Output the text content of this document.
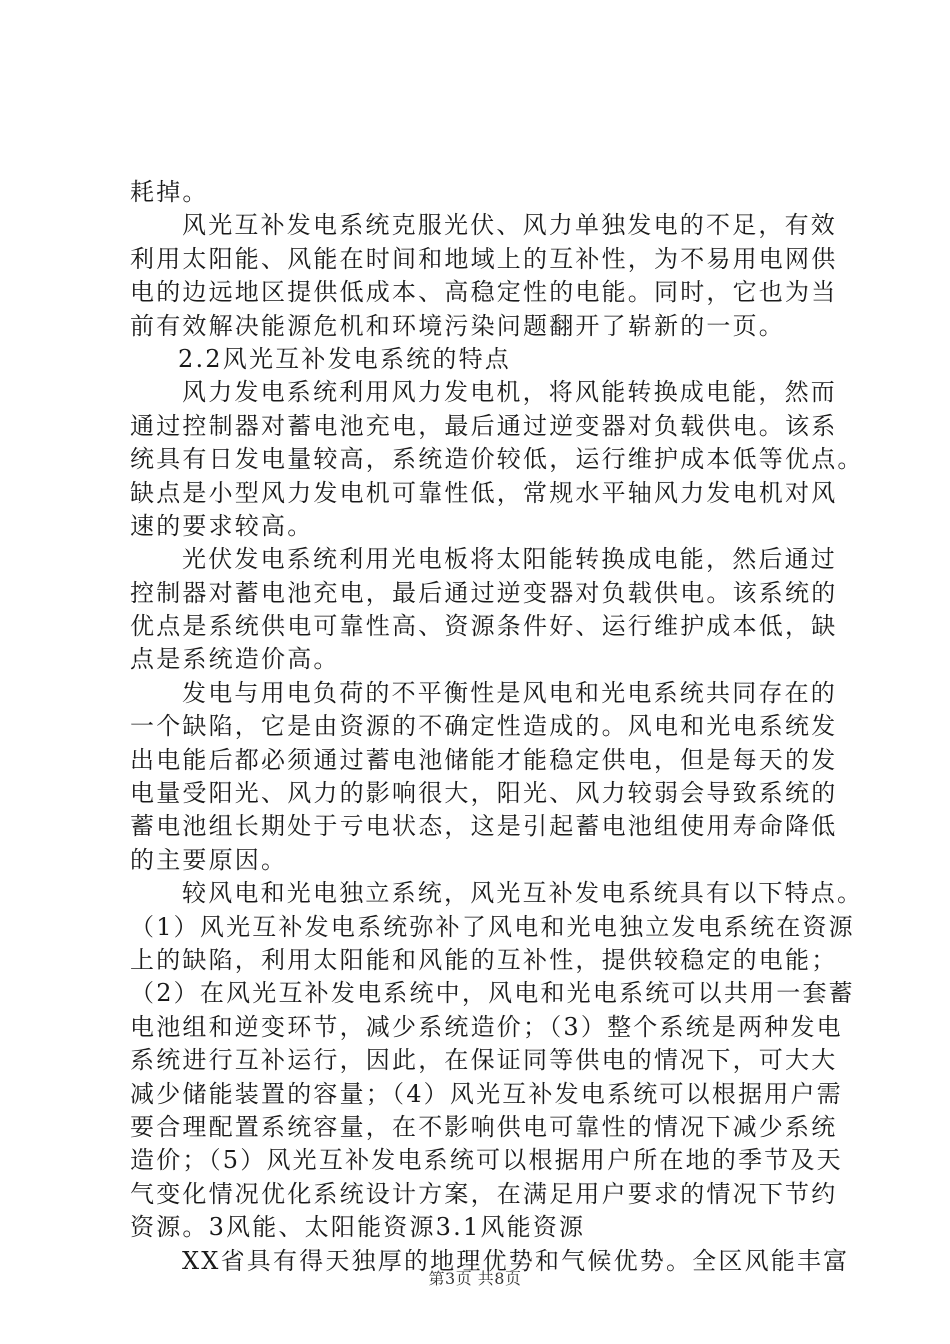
耗掉。

风光互补发电系统克服光伏、风力单独发电的不足，有效

利用太阳能、风能在时间和地域上的互补性，为不易用电网供

电的边远地区提供低成本、高稳定性的电能。同时，它也为当

前有效解决能源危机和环境污染问题翻开了崭新的一页。

2.2风光互补发电系统的特点

风力发电系统利用风力发电机，将风能转换成电能，然而

通过控制器对蓄电池充电，最后通过逆变器对负载供电。该系

统具有日发电量较高，系统造价较低，运行维护成本低等优点。

缺点是小型风力发电机可靠性低，常规水平轴风力发电机对风

速的要求较高。

光伏发电系统利用光电板将太阳能转换成电能，然后通过

控制器对蓄电池充电，最后通过逆变器对负载供电。该系统的

优点是系统供电可靠性高、资源条件好、运行维护成本低，缺

点是系统造价高。

发电与用电负荷的不平衡性是风电和光电系统共同存在的

一个缺陷，它是由资源的不确定性造成的。风电和光电系统发

出电能后都必须通过蓄电池储能才能稳定供电，但是每天的发

电量受阳光、风力的影响很大，阳光、风力较弱会导致系统的

蓄电池组长期处于亏电状态，这是引起蓄电池组使用寿命降低

的主要原因。

较风电和光电独立系统，风光互补发电系统具有以下特点。

（1）风光互补发电系统弥补了风电和光电独立发电系统在资源

上的缺陷，利用太阳能和风能的互补性，提供较稳定的电能；

（2）在风光互补发电系统中，风电和光电系统可以共用一套蓄

电池组和逆变环节，减少系统造价；（3）整个系统是两种发电

系统进行互补运行，因此，在保证同等供电的情况下，可大大

减少储能装置的容量；（4）风光互补发电系统可以根据用户需

要合理配置系统容量，在不影响供电可靠性的情况下减少系统

造价；（5）风光互补发电系统可以根据用户所在地的季节及天

气变化情况优化系统设计方案，在满足用户要求的情况下节约

资源。3风能、太阳能资源3.1风能资源

XX省具有得天独厚的地理优势和气候优势。全区风能丰富

第3页 共8页
